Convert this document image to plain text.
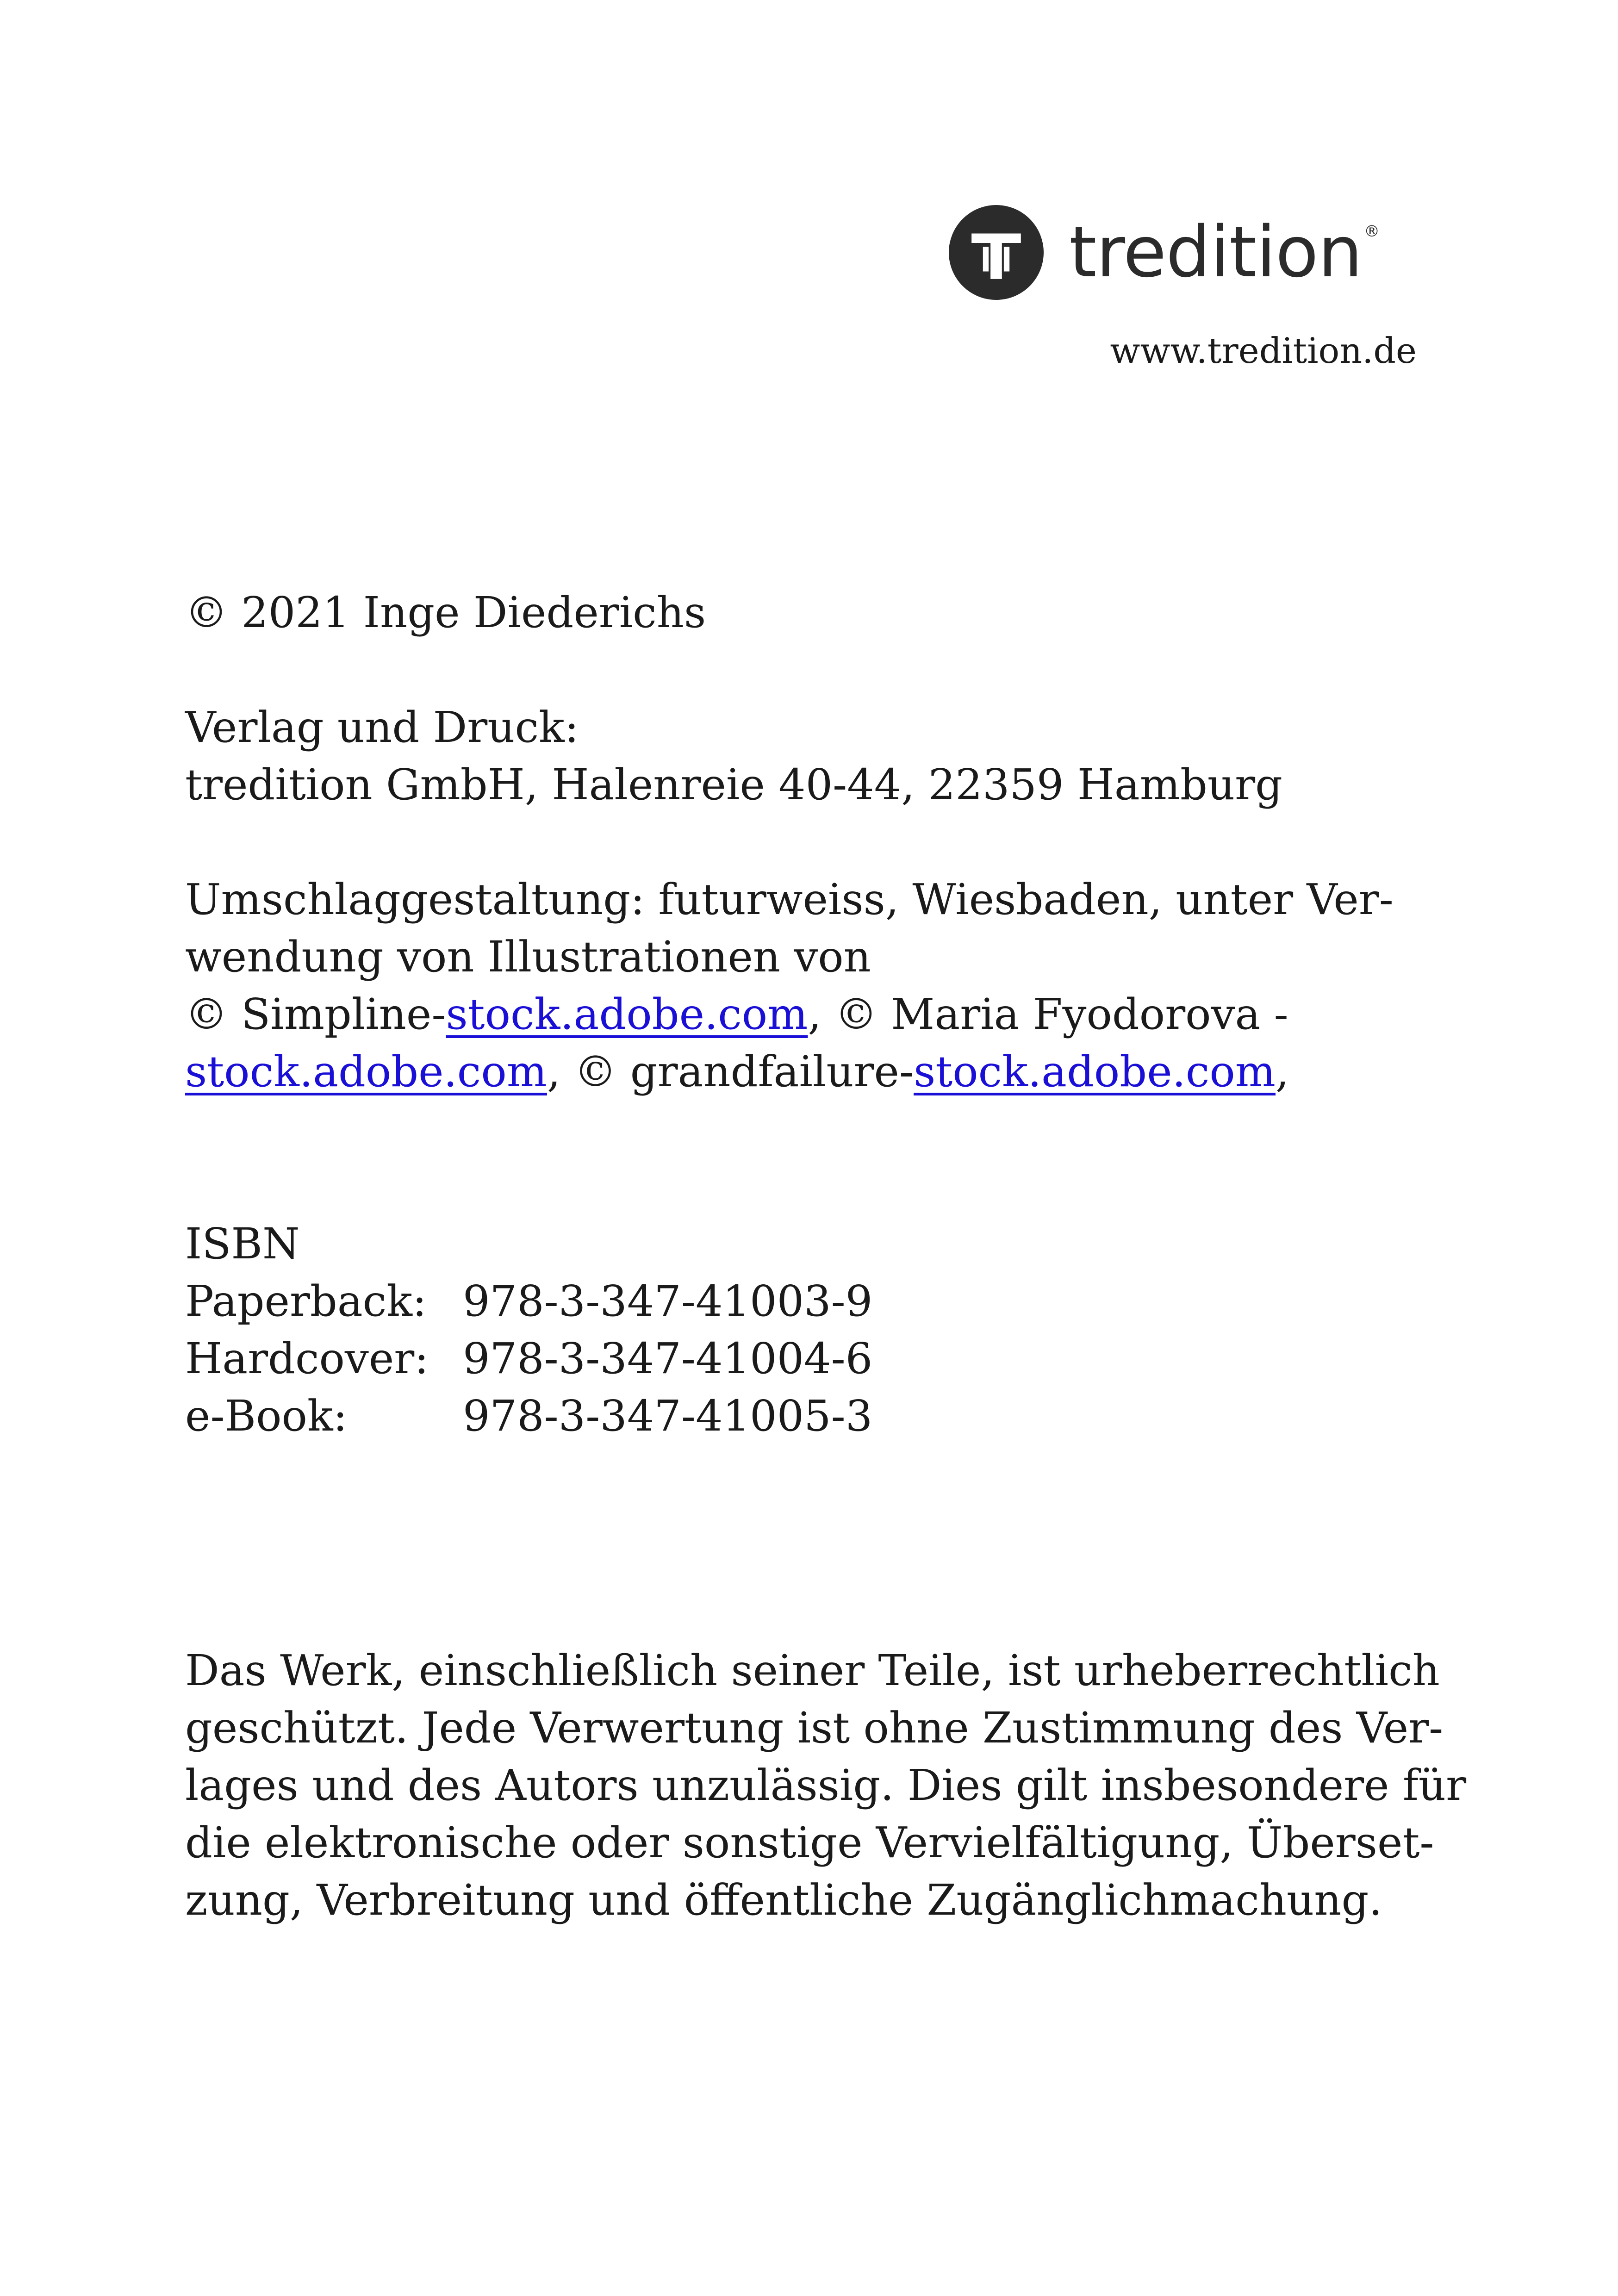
tredition ®
www.tredition.de
© 2021 Inge Diederichs
Verlag und Druck:
tredition GmbH, Halenreie 40-44, 22359 Hamburg
Umschlaggestaltung: futurweiss, Wiesbaden, unter Ver-
wendung von Illustrationen von
© Simpline-stock.adobe.com, © Maria Fyodorova -
stock.adobe.com, © grandfailure-stock.adobe.com,
ISBN
Paperback: 978-3-347-41003-9
Hardcover: 978-3-347-41004-6
e-Book:	978-3-347-41005-3
Das Werk, einschließlich seiner Teile, ist urheberrechtlich
geschützt. Jede Verwertung ist ohne Zustimmung des Ver-
lages und des Autors unzulässig. Dies gilt insbesondere für
die elektronische oder sonstige Vervielfältigung, Überset-
zung, Verbreitung und öffentliche Zugänglichmachung.
